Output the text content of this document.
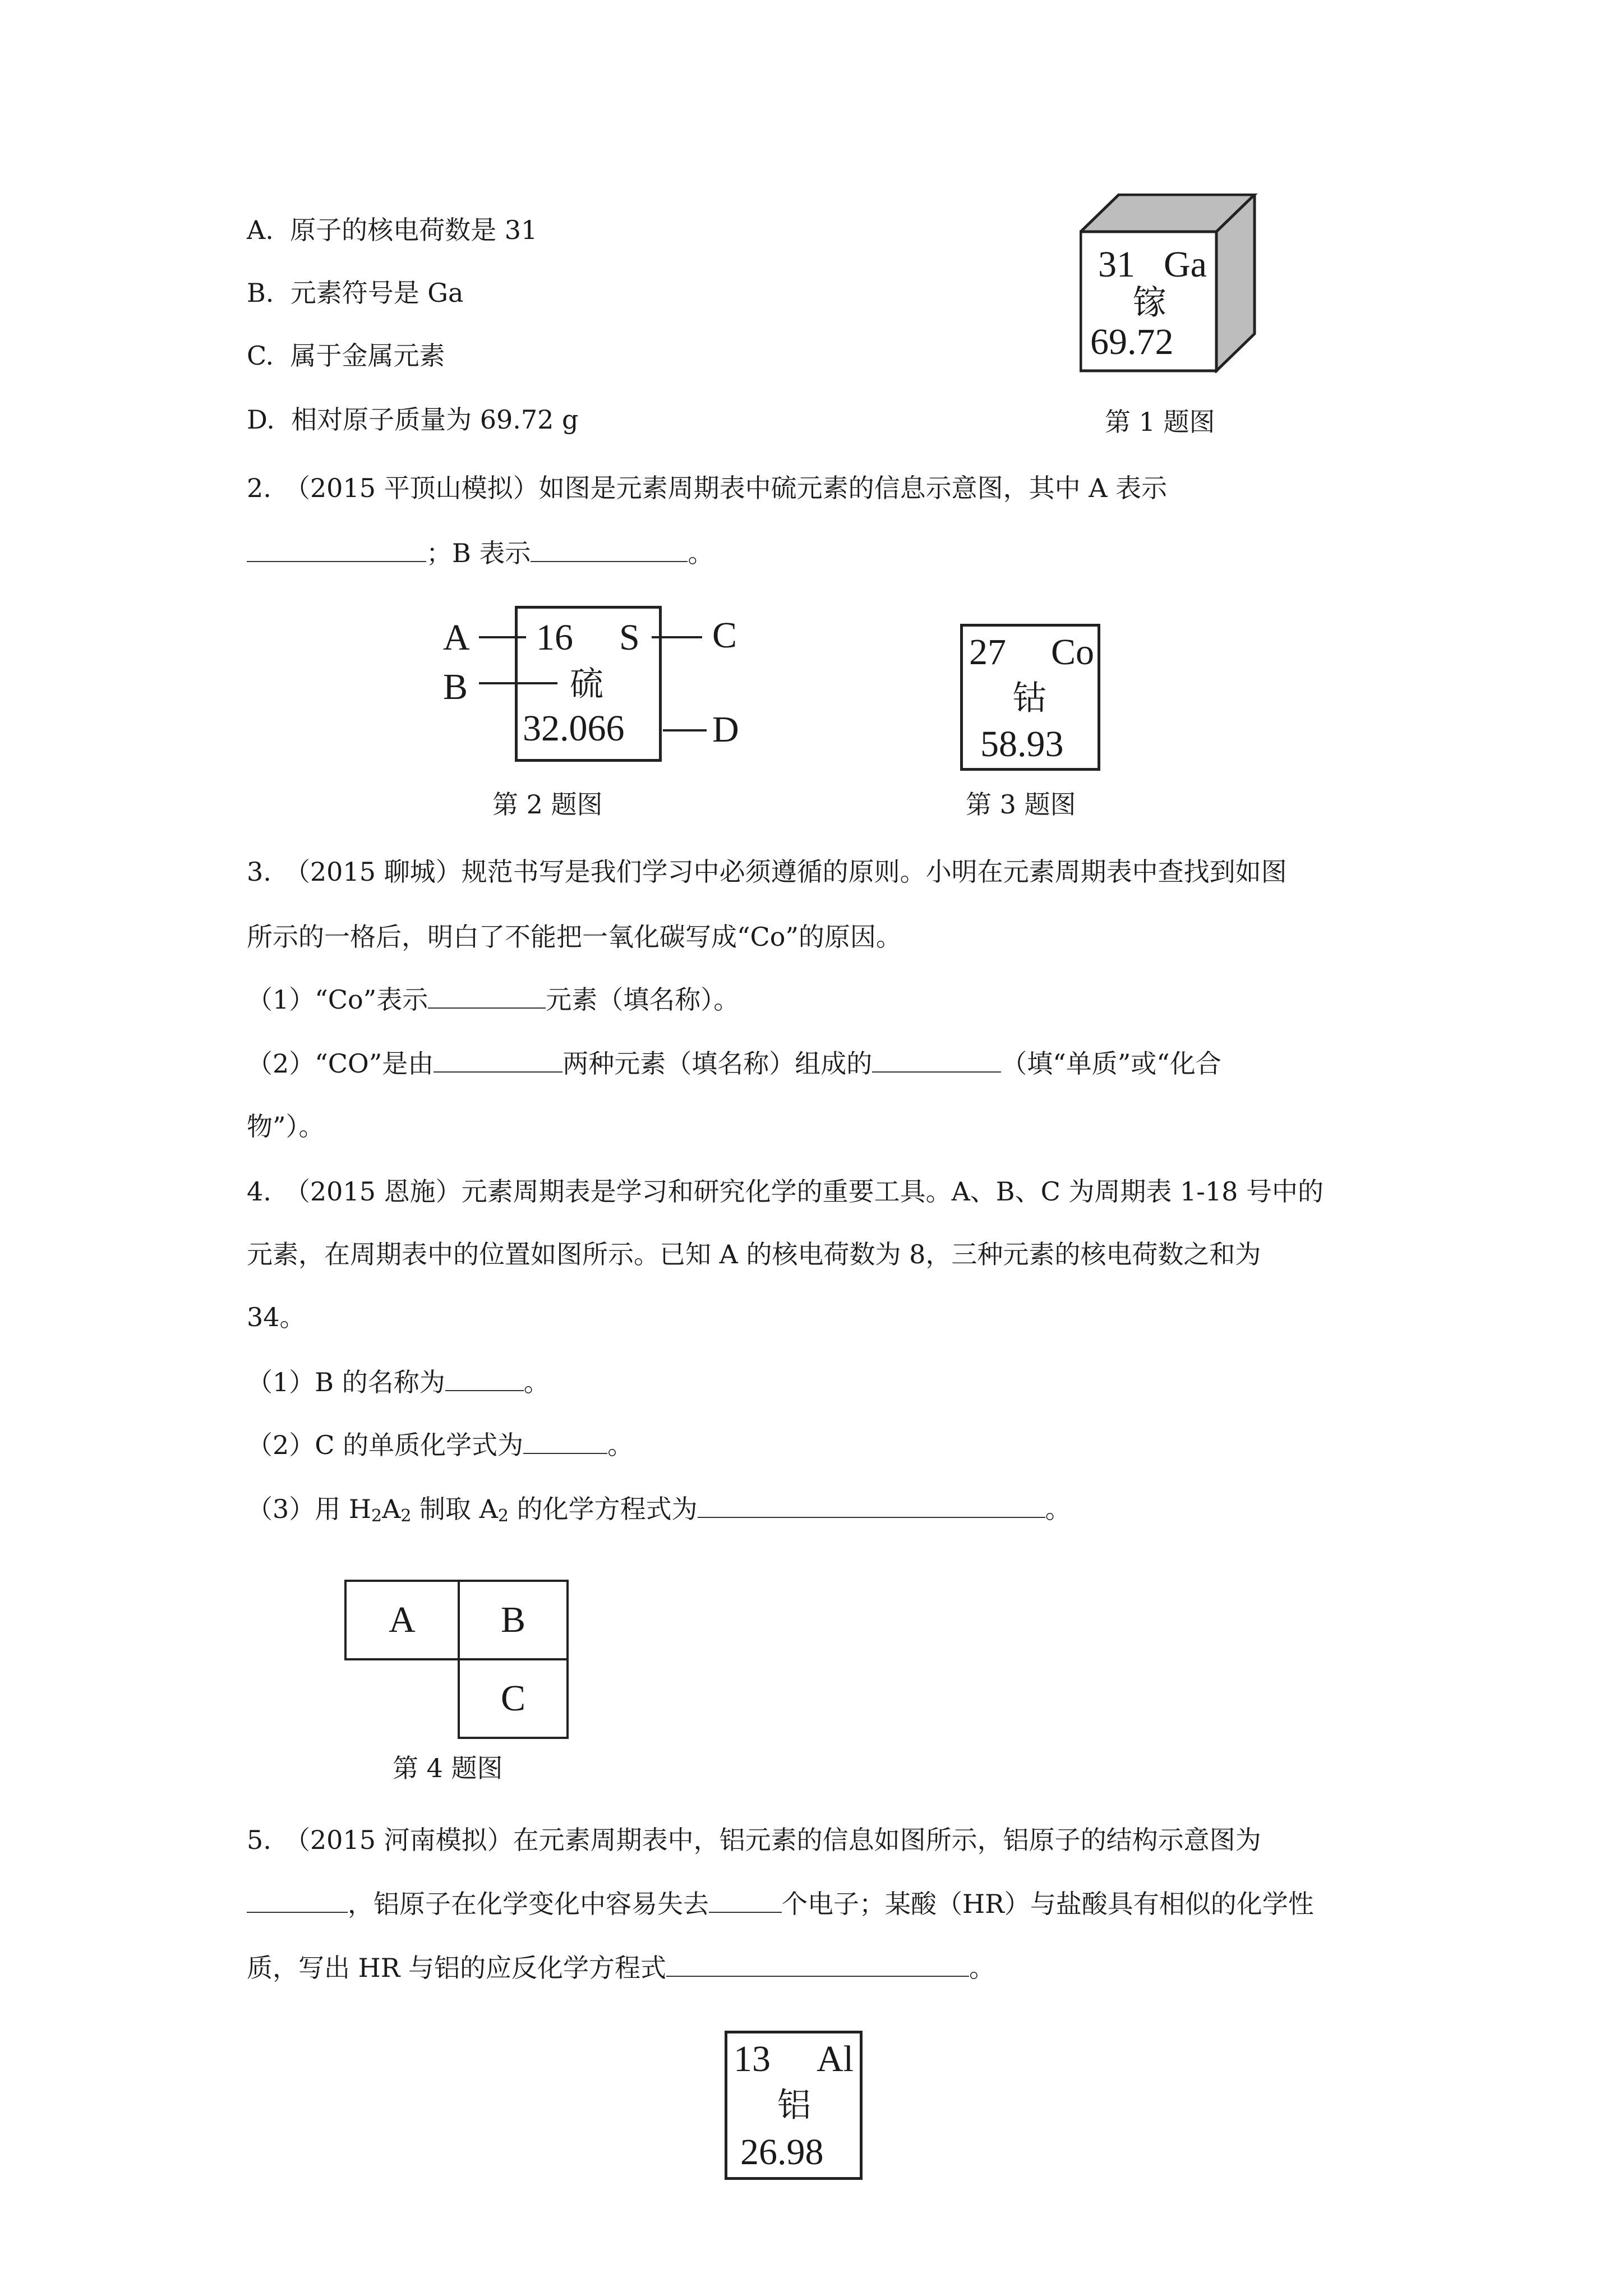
A. 原子的核电荷数是 31
B. 元素符号是 Ga
C. 属于金属元素
D. 相对原子质量为 69.72 g
31 Ga
镓
69.72
第 1 题图
2.　（2015 平顶山模拟）如图是元素周期表中硫元素的信息示意图，其中 A 表示
；B 表示	。
A
B
C
D
16 S
硫
32.066
第 2 题图
27 Co
钴
58.93
第 3 题图
3.　（2015 聊城）规范书写是我们学习中必须遵循的原则。小明在元素周期表中查找到如图
所示的一格后，明白了不能把一氧化碳写成“Co”的原因。
（1）“Co”表示	元素（填名称）。
（2）“CO”是由	两种元素（填名称）组成的	（填“单质”或“化合
物”）。
4.　（2015 恩施）元素周期表是学习和研究化学的重要工具。A、B、C 为周期表 1-18 号中的
元素，在周期表中的位置如图所示。已知 A 的核电荷数为 8，三种元素的核电荷数之和为
34。
（1）B 的名称为	。
（2）C 的单质化学式为	。
（3）用 $H_2A_2$ 制取 $A_2$ 的化学方程式为	。
A	B
C
第 4 题图
5.　（2015 河南模拟）在元素周期表中，铝元素的信息如图所示，铝原子的结构示意图为
，铝原子在化学变化中容易失去	个电子；某酸（HR）与盐酸具有相似的化学性
质，写出 HR 与铝的应反化学方程式	。
13 Al
铝
26.98
